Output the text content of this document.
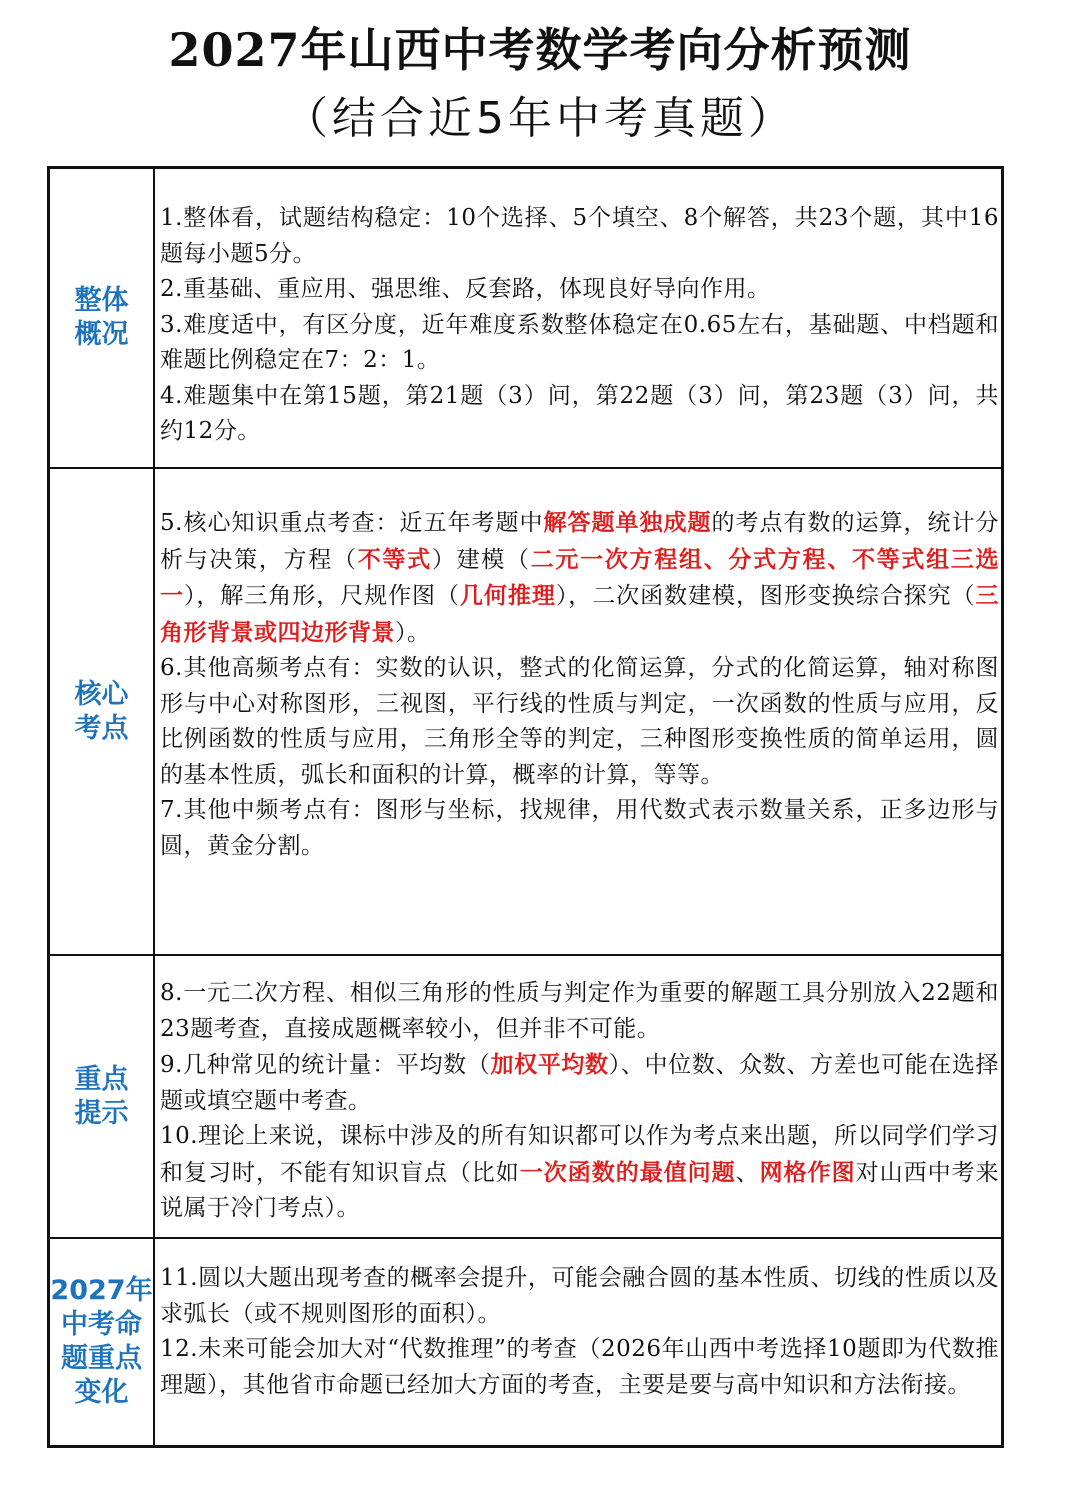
2027年山西中考数学考向分析预测
（结合近5年中考真题）
整体
概况

1.整体看，试题结构稳定：10个选择、5个填空、8个解答，共23个题，其中16题每小题5分。

2.重基础、重应用、强思维、反套路，体现良好导向作用。

3.难度适中，有区分度，近年难度系数整体稳定在0.65左右，基础题、中档题和难题比例稳定在7：2：1。

4.难题集中在第15题，第21题（3）问，第22题（3）问，第23题（3）问，共约12分。

核心
考点

5.核心知识重点考查：近五年考题中解答题单独成题的考点有数的运算，统计分析与决策，方程（不等式）建模（二元一次方程组、分式方程、不等式组三选一），解三角形，尺规作图（几何推理），二次函数建模，图形变换综合探究（三角形背景或四边形背景）。

6.其他高频考点有：实数的认识，整式的化简运算，分式的化简运算，轴对称图形与中心对称图形，三视图，平行线的性质与判定，一次函数的性质与应用，反比例函数的性质与应用，三角形全等的判定，三种图形变换性质的简单运用，圆的基本性质，弧长和面积的计算，概率的计算，等等。

7.其他中频考点有：图形与坐标，找规律，用代数式表示数量关系，正多边形与圆，黄金分割。

重点
提示

8.一元二次方程、相似三角形的性质与判定作为重要的解题工具分别放入22题和23题考查，直接成题概率较小，但并非不可能。

9.几种常见的统计量：平均数（加权平均数）、中位数、众数、方差也可能在选择题或填空题中考查。

10.理论上来说，课标中涉及的所有知识都可以作为考点来出题，所以同学们学习和复习时，不能有知识盲点（比如一次函数的最值问题、网格作图对山西中考来说属于冷门考点）。

2027年
中考命
题重点
变化

11.圆以大题出现考查的概率会提升，可能会融合圆的基本性质、切线的性质以及求弧长（或不规则图形的面积）。

12.未来可能会加大对“代数推理”的考查（2026年山西中考选择10题即为代数推理题），其他省市命题已经加大方面的考查，主要是要与高中知识和方法衔接。
